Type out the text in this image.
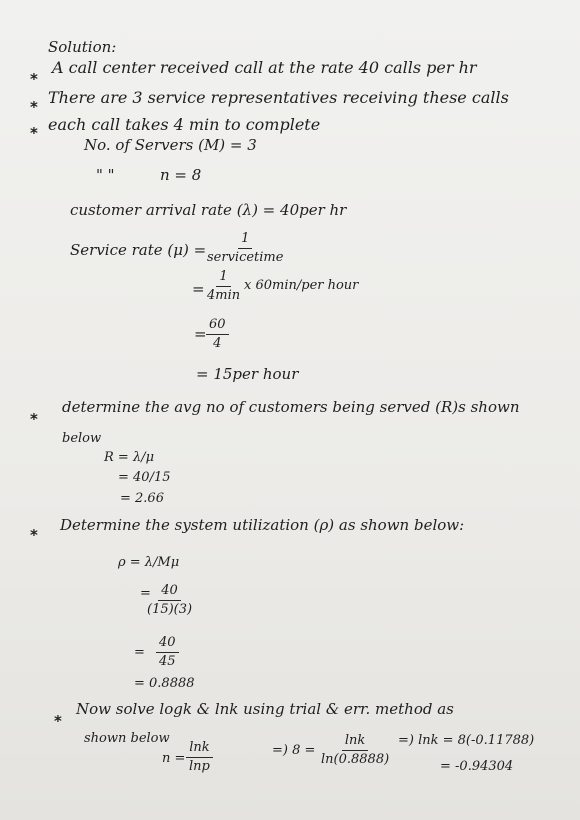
Solution:
*
A call center received call at the rate 40 calls per hr
* There are 3 service representatives receiving these calls
* each call takes 4 min to complete
No. of Servers (M) = 3
" "	n = 8
customer arrival rate (λ) = 40per hr
Service rate (μ) =
1
servicetime
=
1
4min
x 60min/per hour
= $\frac{60}{4}$
= 15per hour
*
determine the avg no of customers being served (R)s shown
below
R = λ/μ
= 40/15
= 2.66
*
Determine the system utilization (ρ) as shown below:
ρ = λ/Mμ
=
$\frac{40}{(15)(3)}$
= $\frac{40}{45}$
= 0.8888
*
Now solve logk & lnk using trial & err. method as
shown below
$n = \frac{\ln k}{\ln p}$	=) $8 = \frac{\ln k}{\ln(0.8888)}$ =) lnk = 8(-0.11788)
= -0.94304
